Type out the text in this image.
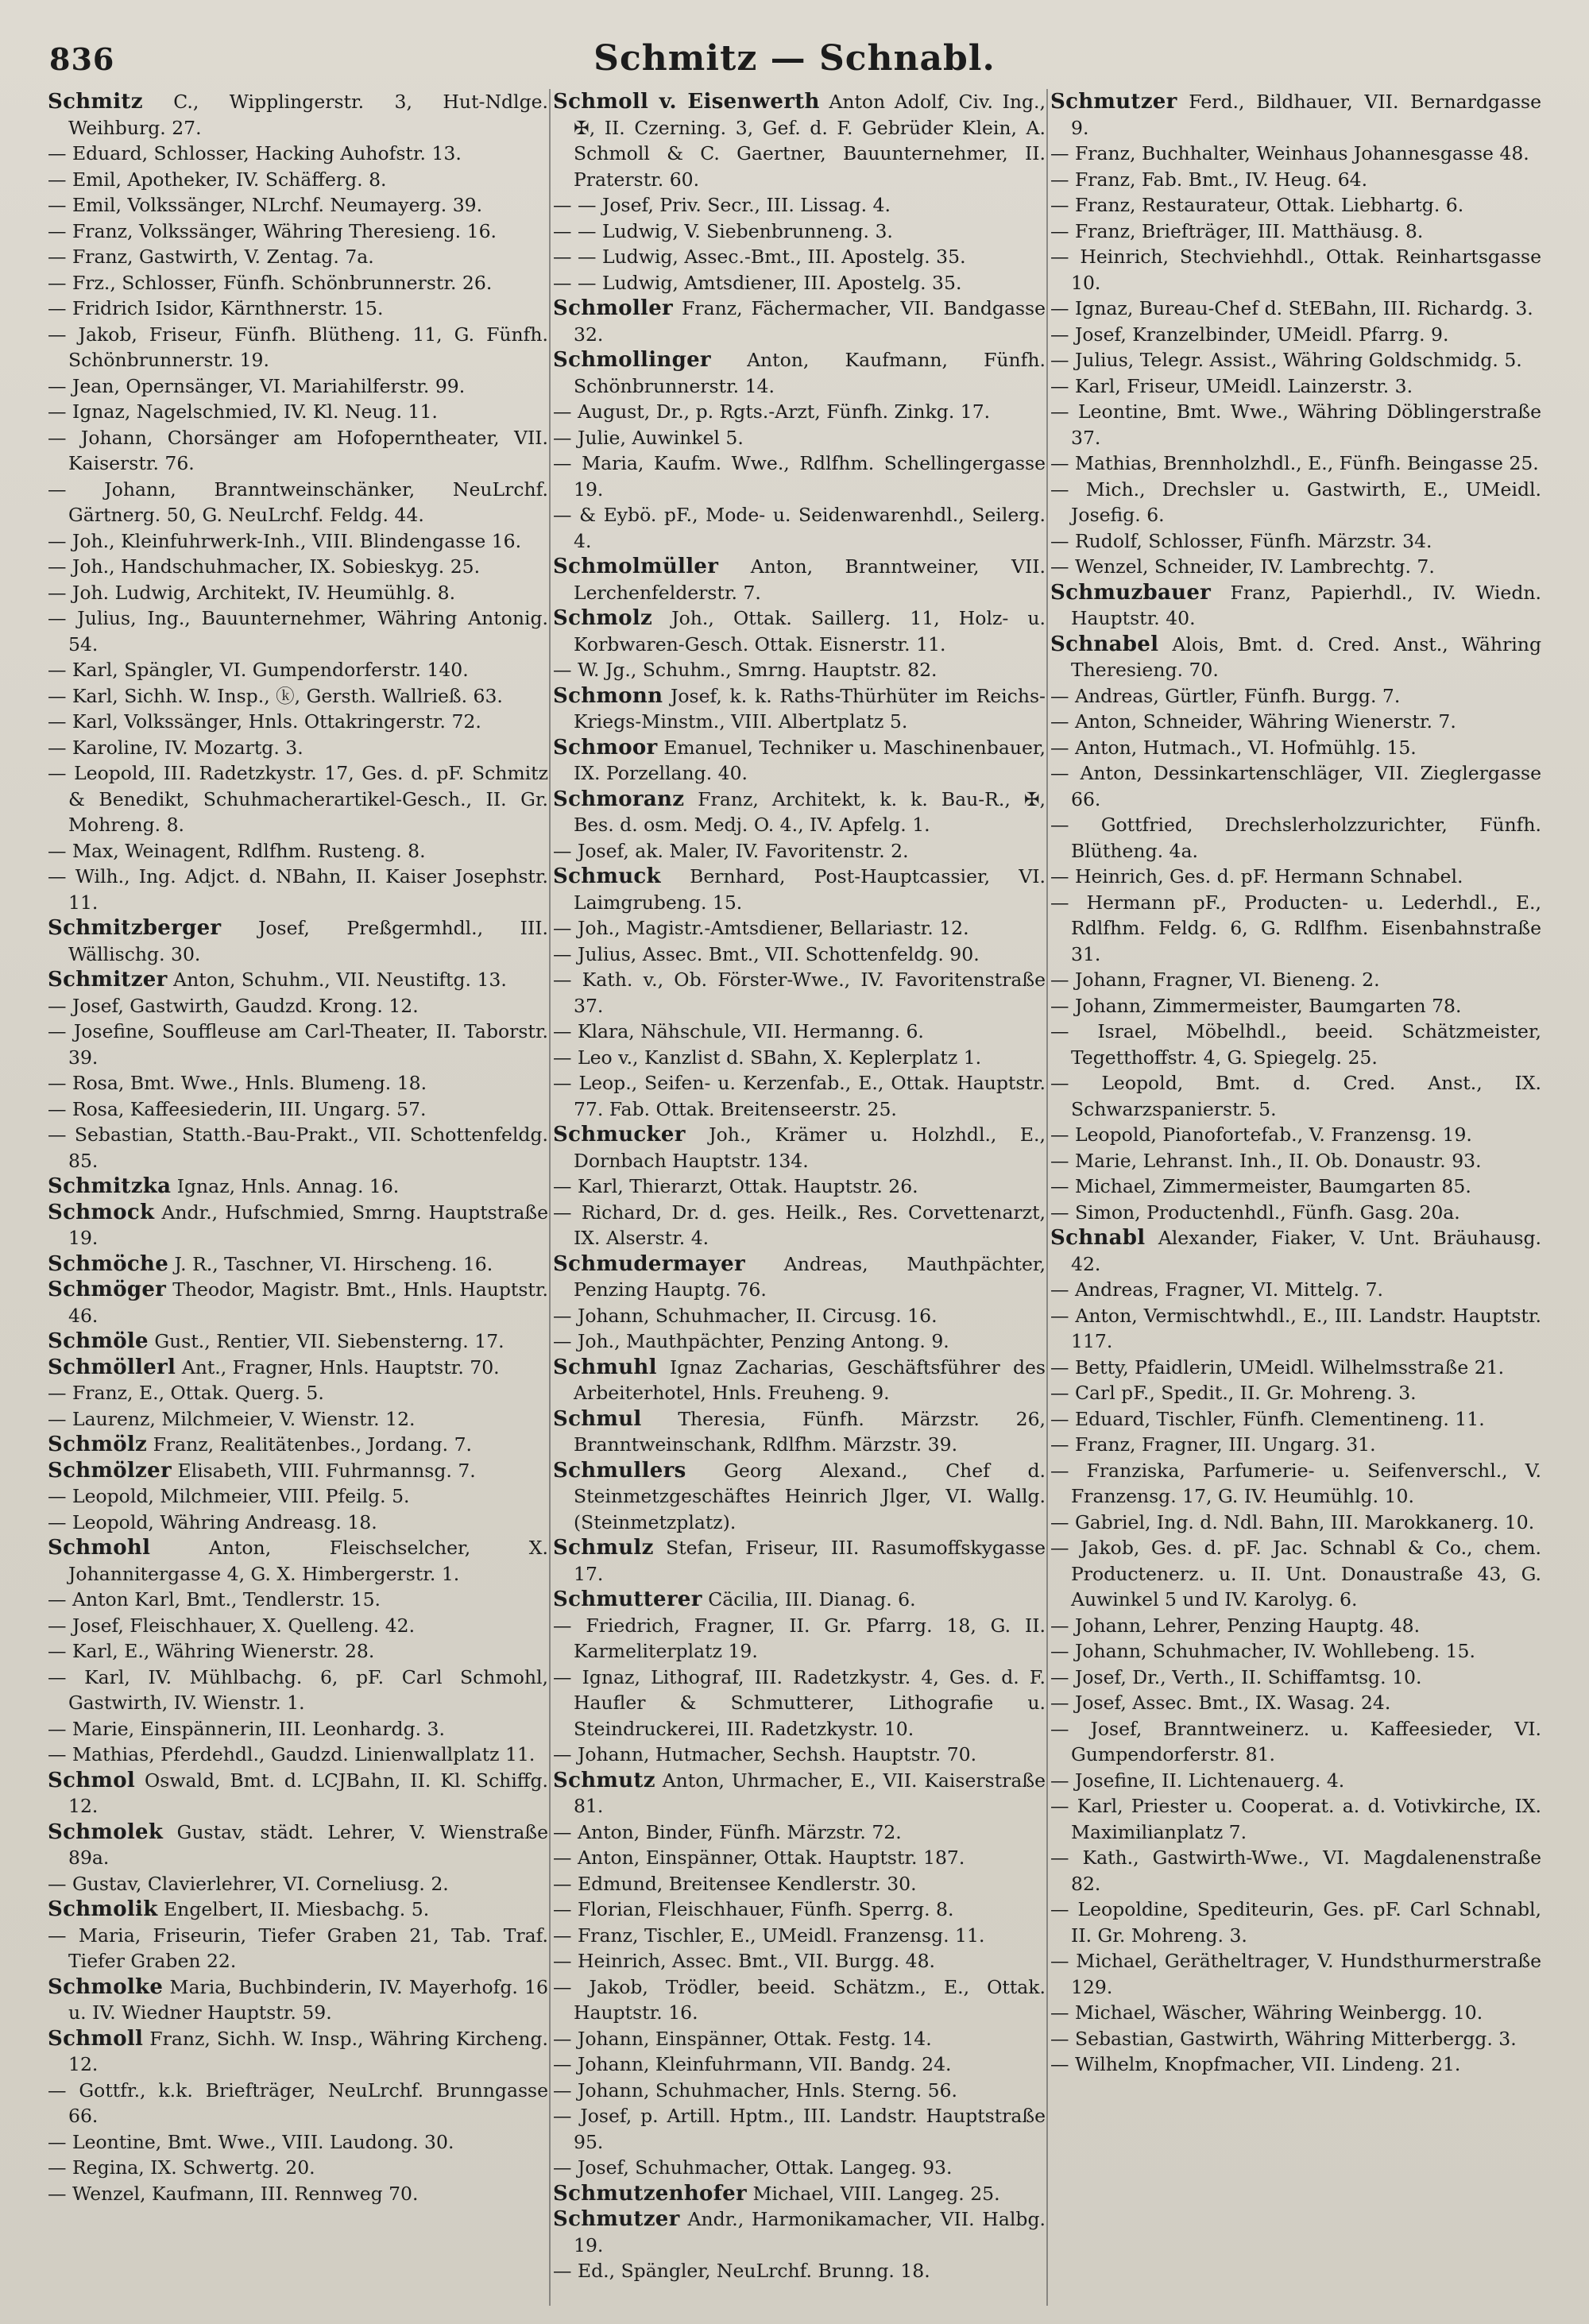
836	Schmitz — Schnabl.

Schmitz C., Wipplingerstr. 3, Hut-Ndlge. Weihburg. 27.

— Eduard, Schlosser, Hacking Auhofstr. 13.

— Emil, Apotheker, IV. Schäfferg. 8.

— Emil, Volkssänger, NLrchf. Neumayerg. 39.

— Franz, Volkssänger, Währing Theresieng. 16.

— Franz, Gastwirth, V. Zentag. 7a.

— Frz., Schlosser, Fünfh. Schönbrunnerstr. 26.

— Fridrich Isidor, Kärnthnerstr. 15.

— Jakob, Friseur, Fünfh. Blütheng. 11, G. Fünfh. Schönbrunnerstr. 19.

— Jean, Opernsänger, VI. Mariahilferstr. 99.

— Ignaz, Nagelschmied, IV. Kl. Neug. 11.

— Johann, Chorsänger am Hofoperntheater, VII. Kaiserstr. 76.

— Johann, Branntweinschänker, NeuLrchf. Gärtnerg. 50, G. NeuLrchf. Feldg. 44.

— Joh., Kleinfuhrwerk-Inh., VIII. Blindengasse 16.

— Joh., Handschuhmacher, IX. Sobieskyg. 25.

— Joh. Ludwig, Architekt, IV. Heumühlg. 8.

— Julius, Ing., Bauunternehmer, Währing Antonig. 54.

— Karl, Spängler, VI. Gumpendorferstr. 140.

— Karl, Sichh. W. Insp., ⓚ, Gersth. Wallrieß. 63.

— Karl, Volkssänger, Hnls. Ottakringerstr. 72.

— Karoline, IV. Mozartg. 3.

— Leopold, III. Radetzkystr. 17, Ges. d. pF. Schmitz & Benedikt, Schuhmacherartikel-Gesch., II. Gr. Mohreng. 8.

— Max, Weinagent, Rdlfhm. Rusteng. 8.

— Wilh., Ing. Adjct. d. NBahn, II. Kaiser Josephstr. 11.

Schmitzberger Josef, Preßgermhdl., III. Wällischg. 30.

Schmitzer Anton, Schuhm., VII. Neustiftg. 13.

— Josef, Gastwirth, Gaudzd. Krong. 12.

— Josefine, Souffleuse am Carl-Theater, II. Taborstr. 39.

— Rosa, Bmt. Wwe., Hnls. Blumeng. 18.

— Rosa, Kaffeesiederin, III. Ungarg. 57.

— Sebastian, Statth.-Bau-Prakt., VII. Schottenfeldg. 85.

Schmitzka Ignaz, Hnls. Annag. 16.

Schmock Andr., Hufschmied, Smrng. Hauptstraße 19.

Schmöche J. R., Taschner, VI. Hirscheng. 16.

Schmöger Theodor, Magistr. Bmt., Hnls. Hauptstr. 46.

Schmöle Gust., Rentier, VII. Siebensterng. 17.

Schmöllerl Ant., Fragner, Hnls. Hauptstr. 70.

— Franz, E., Ottak. Querg. 5.

— Laurenz, Milchmeier, V. Wienstr. 12.

Schmölz Franz, Realitätenbes., Jordang. 7.

Schmölzer Elisabeth, VIII. Fuhrmannsg. 7.

— Leopold, Milchmeier, VIII. Pfeilg. 5.

— Leopold, Währing Andreasg. 18.

Schmohl	Anton, Fleischselcher, X. Johannitergasse 4, G. X. Himbergerstr. 1.

— Anton Karl, Bmt., Tendlerstr. 15.

— Josef, Fleischhauer, X. Quelleng. 42.

— Karl, E., Währing Wienerstr. 28.

— Karl, IV. Mühlbachg. 6, pF. Carl Schmohl, Gastwirth, IV. Wienstr. 1.

— Marie, Einspännerin, III. Leonhardg. 3.

— Mathias, Pferdehdl., Gaudzd. Linienwallplatz 11.

Schmol Oswald, Bmt. d. LCJBahn, II. Kl. Schiffg. 12.

Schmolek Gustav, städt. Lehrer, V. Wienstraße 89a.

— Gustav, Clavierlehrer, VI. Corneliusg. 2.

Schmolik Engelbert, II. Miesbachg. 5.

— Maria, Friseurin, Tiefer Graben 21, Tab. Traf. Tiefer Graben 22.

Schmolke Maria, Buchbinderin, IV. Mayerhofg. 16 u. IV. Wiedner Hauptstr. 59.

Schmoll Franz, Sichh. W. Insp., Währing Kircheng. 12.

— Gottfr., k.k. Briefträger, NeuLrchf. Brunngasse 66.

— Leontine, Bmt. Wwe., VIII. Laudong. 30.

— Regina, IX. Schwertg. 20.

— Wenzel, Kaufmann, III. Rennweg 70.

Schmoll v. Eisenwerth Anton Adolf, Civ. Ing., ✠, II. Czerning. 3, Gef. d. F. Gebrüder Klein, A. Schmoll & C. Gaertner, Bauunternehmer, II. Praterstr. 60.

— — Josef, Priv. Secr., III. Lissag. 4.

— — Ludwig, V. Siebenbrunneng. 3.

— — Ludwig, Assec.-Bmt., III. Apostelg. 35.

— — Ludwig, Amtsdiener, III. Apostelg. 35.

Schmoller Franz, Fächermacher, VII. Bandgasse 32.

Schmollinger Anton, Kaufmann, Fünfh. Schönbrunnerstr. 14.

— August, Dr., p. Rgts.-Arzt, Fünfh. Zinkg. 17.

— Julie, Auwinkel 5.

— Maria, Kaufm. Wwe., Rdlfhm. Schellingergasse 19.

— & Eybö. pF., Mode- u. Seidenwarenhdl., Seilerg. 4.

Schmolmüller Anton, Branntweiner, VII. Lerchenfelderstr. 7.

Schmolz Joh., Ottak. Saillerg. 11, Holz- u. Korbwaren-Gesch. Ottak. Eisnerstr. 11.

— W. Jg., Schuhm., Smrng. Hauptstr. 82.

Schmonn Josef, k. k. Raths-Thürhüter im Reichs-Kriegs-Minstm., VIII. Albertplatz 5.

Schmoor Emanuel, Techniker u. Maschinenbauer, IX. Porzellang. 40.

Schmoranz Franz, Architekt, k. k. Bau-R., ✠, Bes. d. osm. Medj. O. 4., IV. Apfelg. 1.

— Josef, ak. Maler, IV. Favoritenstr. 2.

Schmuck Bernhard, Post-Hauptcassier, VI. Laimgrubeng. 15.

— Joh., Magistr.-Amtsdiener, Bellariastr. 12.

— Julius, Assec. Bmt., VII. Schottenfeldg. 90.

— Kath. v., Ob. Förster-Wwe., IV. Favoritenstraße 37.

— Klara, Nähschule, VII. Hermanng. 6.

— Leo v., Kanzlist d. SBahn, X. Keplerplatz 1.

— Leop., Seifen- u. Kerzenfab., E., Ottak. Hauptstr. 77. Fab. Ottak. Breitenseerstr. 25.

Schmucker Joh., Krämer u. Holzhdl., E., Dornbach Hauptstr. 134.

— Karl, Thierarzt, Ottak. Hauptstr. 26.

— Richard, Dr. d. ges. Heilk., Res. Corvettenarzt, IX. Alserstr. 4.

Schmudermayer Andreas, Mauthpächter, Penzing Hauptg. 76.

— Johann, Schuhmacher, II. Circusg. 16.

— Joh., Mauthpächter, Penzing Antong. 9.

Schmuhl Ignaz Zacharias, Geschäftsführer des Arbeiterhotel, Hnls. Freuheng. 9.

Schmul Theresia, Fünfh. Märzstr. 26, Branntweinschank, Rdlfhm. Märzstr. 39.

Schmullers Georg Alexand., Chef d. Steinmetzgeschäftes Heinrich Jlger, VI. Wallg. (Steinmetzplatz).

Schmulz Stefan, Friseur, III. Rasumoffskygasse 17.

Schmutterer Cäcilia, III. Dianag. 6.

— Friedrich, Fragner, II. Gr. Pfarrg. 18, G. II. Karmeliterplatz 19.

— Ignaz, Lithograf, III. Radetzkystr. 4, Ges. d. F. Haufler & Schmutterer, Lithografie u. Steindruckerei, III. Radetzkystr. 10.

— Johann, Hutmacher, Sechsh. Hauptstr. 70.

Schmutz Anton, Uhrmacher, E., VII. Kaiserstraße 81.

— Anton, Binder, Fünfh. Märzstr. 72.

— Anton, Einspänner, Ottak. Hauptstr. 187.

— Edmund, Breitensee Kendlerstr. 30.

— Florian, Fleischhauer, Fünfh. Sperrg. 8.

— Franz, Tischler, E., UMeidl. Franzensg. 11.

— Heinrich, Assec. Bmt., VII. Burgg. 48.

— Jakob, Trödler, beeid. Schätzm., E., Ottak. Hauptstr. 16.

— Johann, Einspänner, Ottak. Festg. 14.

— Johann, Kleinfuhrmann, VII. Bandg. 24.

— Johann, Schuhmacher, Hnls. Sterng. 56.

— Josef, p. Artill. Hptm., III. Landstr. Hauptstraße 95.

— Josef, Schuhmacher, Ottak. Langeg. 93.

Schmutzenhofer Michael, VIII. Langeg. 25.

Schmutzer Andr., Harmonikamacher, VII. Halbg. 19.

— Ed., Spängler, NeuLrchf. Brunng. 18.

Schmutzer Ferd., Bildhauer, VII. Bernardgasse 9.

— Franz, Buchhalter, Weinhaus Johannesgasse 48.

— Franz, Fab. Bmt., IV. Heug. 64.

— Franz, Restaurateur, Ottak. Liebhartg. 6.

— Franz, Briefträger, III. Matthäusg. 8.

— Heinrich, Stechviehhdl., Ottak. Reinhartsgasse 10.

— Ignaz, Bureau-Chef d. StEBahn, III. Richardg. 3.

— Josef, Kranzelbinder, UMeidl. Pfarrg. 9.

— Julius, Telegr. Assist., Währing Goldschmidg. 5.

— Karl, Friseur, UMeidl. Lainzerstr. 3.

— Leontine, Bmt. Wwe., Währing Döblingerstraße 37.

— Mathias, Brennholzhdl., E., Fünfh. Beingasse 25.

— Mich., Drechsler u. Gastwirth, E., UMeidl. Josefig. 6.

— Rudolf, Schlosser, Fünfh. Märzstr. 34.

— Wenzel, Schneider, IV. Lambrechtg. 7.

Schmuzbauer Franz, Papierhdl., IV. Wiedn. Hauptstr. 40.

Schnabel Alois, Bmt. d. Cred. Anst., Währing Theresieng. 70.

— Andreas, Gürtler, Fünfh. Burgg. 7.

— Anton, Schneider, Währing Wienerstr. 7.

— Anton, Hutmach., VI. Hofmühlg. 15.

— Anton, Dessinkartenschläger, VII. Zieglergasse 66.

— Gottfried, Drechslerholzzurichter, Fünfh. Blütheng. 4a.

— Heinrich, Ges. d. pF. Hermann Schnabel.

— Hermann pF., Producten- u. Lederhdl., E., Rdlfhm. Feldg. 6, G. Rdlfhm. Eisenbahnstraße 31.

— Johann, Fragner, VI. Bieneng. 2.

— Johann, Zimmermeister, Baumgarten 78.

— Israel, Möbelhdl., beeid. Schätzmeister, Tegetthoffstr. 4, G. Spiegelg. 25.

— Leopold, Bmt. d. Cred. Anst., IX. Schwarzspanierstr. 5.

— Leopold, Pianofortefab., V. Franzensg. 19.

— Marie, Lehranst. Inh., II. Ob. Donaustr. 93.

— Michael, Zimmermeister, Baumgarten 85.

— Simon, Productenhdl., Fünfh. Gasg. 20a.

Schnabl Alexander, Fiaker, V. Unt. Bräuhausg. 42.

— Andreas, Fragner, VI. Mittelg. 7.

— Anton, Vermischtwhdl., E., III. Landstr. Hauptstr. 117.

— Betty, Pfaidlerin, UMeidl. Wilhelmsstraße 21.

— Carl pF., Spedit., II. Gr. Mohreng. 3.

— Eduard, Tischler, Fünfh. Clementineng. 11.

— Franz, Fragner, III. Ungarg. 31.

— Franziska, Parfumerie- u. Seifenverschl., V. Franzensg. 17, G. IV. Heumühlg. 10.

— Gabriel, Ing. d. Ndl. Bahn, III. Marokkanerg. 10.

— Jakob, Ges. d. pF. Jac. Schnabl & Co., chem. Productenerz. u. II. Unt. Donaustraße 43, G. Auwinkel 5 und IV. Karolyg. 6.

— Johann, Lehrer, Penzing Hauptg. 48.

— Johann, Schuhmacher, IV. Wohllebeng. 15.

— Josef, Dr., Verth., II. Schiffamtsg. 10.

— Josef, Assec. Bmt., IX. Wasag. 24.

— Josef, Branntweinerz. u. Kaffeesieder, VI. Gumpendorferstr. 81.

— Josefine, II. Lichtenauerg. 4.

— Karl, Priester u. Cooperat. a. d. Votivkirche, IX. Maximilianplatz 7.

— Kath., Gastwirth-Wwe., VI. Magdalenenstraße 82.

— Leopoldine, Spediteurin, Ges. pF. Carl Schnabl, II. Gr. Mohreng. 3.

— Michael, Gerätheltrager, V. Hundsthurmerstraße 129.

— Michael, Wäscher, Währing Weinbergg. 10.

— Sebastian, Gastwirth, Währing Mitterbergg. 3.

— Wilhelm, Knopfmacher, VII. Lindeng. 21.
